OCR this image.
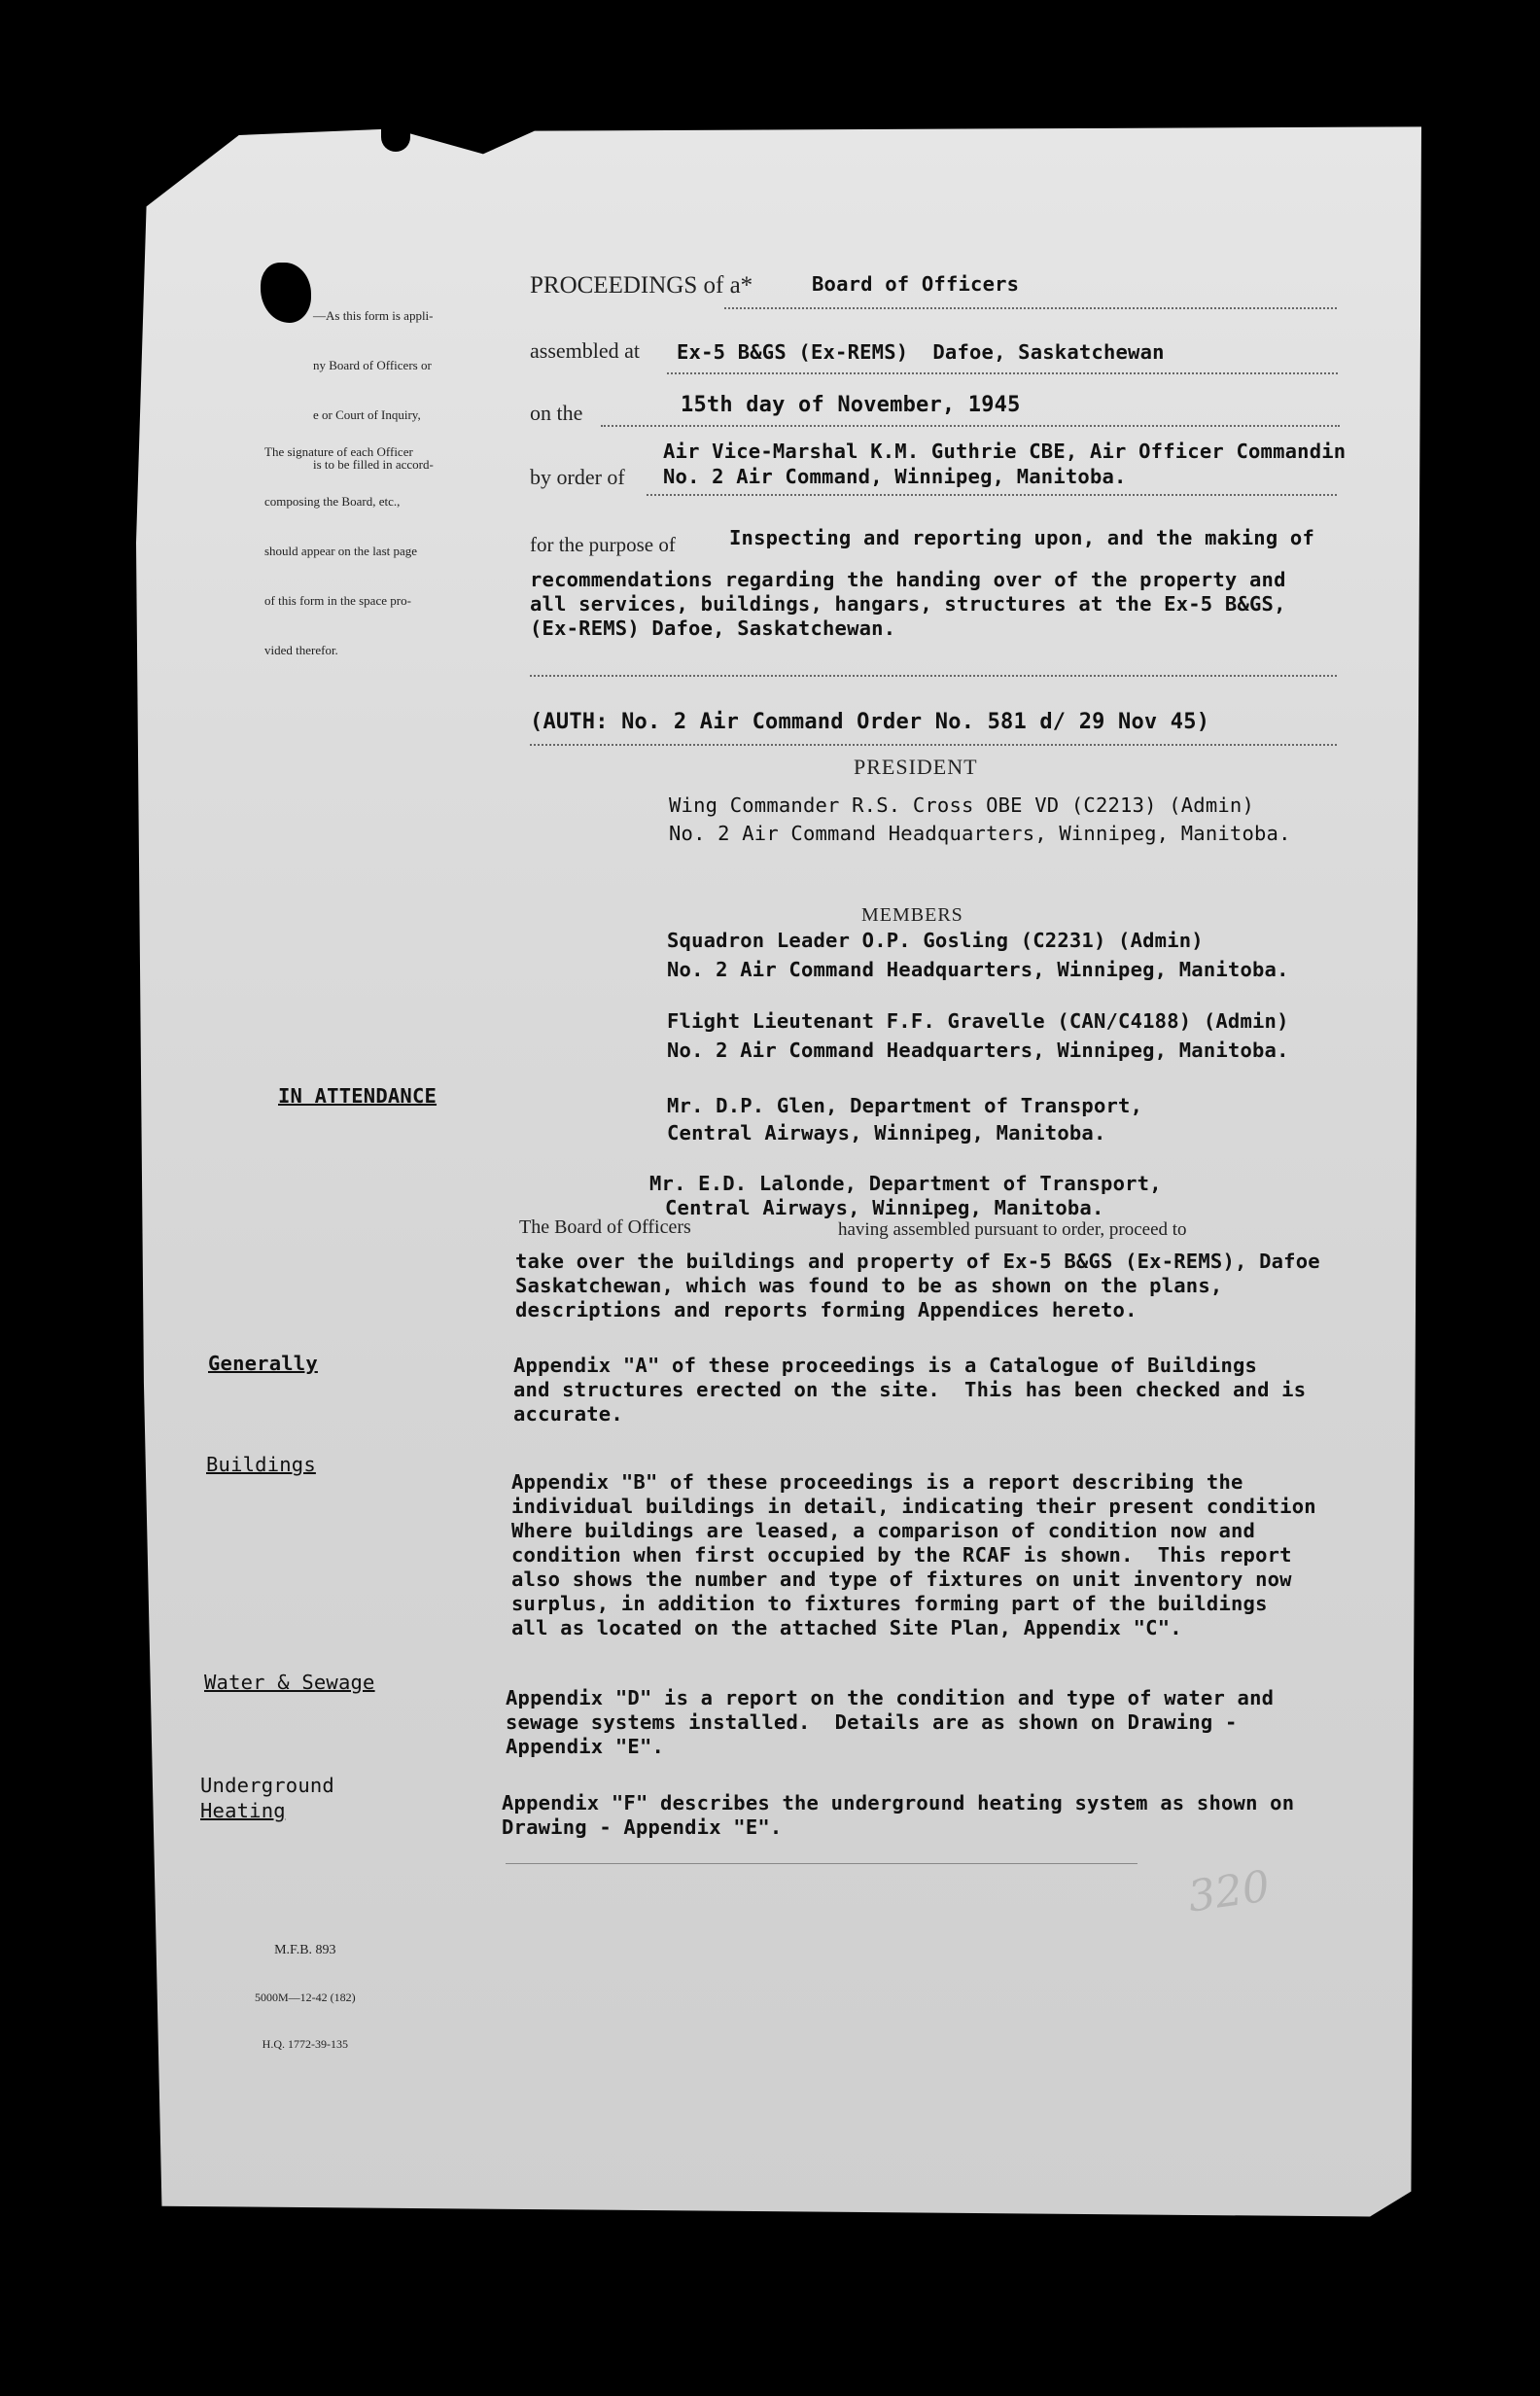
—As this form is appli-

ny Board of Officers or

e or Court of Inquiry,

is to be filled in accord-

The signature of each Officer

composing the Board, etc.,

should appear on the last page

of this form in the space pro-

vided therefor.

PROCEEDINGS of a*	Board of Officers
assembled at Ex-5 B&GS (Ex-REMS)  Dafoe, Saskatchewan
on the	15th day of November, 1945
Air Vice-Marshal K.M. Guthrie CBE, Air Officer Commandin
by order of No. 2 Air Command, Winnipeg, Manitoba.
for the purpose of	Inspecting and reporting upon, and the making of
recommendations regarding the handing over of the property and
all services, buildings, hangars, structures at the Ex-5 B&GS,
(Ex-REMS) Dafoe, Saskatchewan.
(AUTH: No. 2 Air Command Order No. 581 d/ 29 Nov 45)
PRESIDENT
Wing Commander R.S. Cross OBE VD (C2213) (Admin)
No. 2 Air Command Headquarters, Winnipeg, Manitoba.
MEMBERS
Squadron Leader O.P. Gosling (C2231) (Admin)
No. 2 Air Command Headquarters, Winnipeg, Manitoba.
Flight Lieutenant F.F. Gravelle (CAN/C4188) (Admin)
No. 2 Air Command Headquarters, Winnipeg, Manitoba.
IN ATTENDANCE	Mr. D.P. Glen, Department of Transport,
Central Airways, Winnipeg, Manitoba.
Mr. E.D. Lalonde, Department of Transport,
Central Airways, Winnipeg, Manitoba.
The Board of Officers	having assembled pursuant to order, proceed to
take over the buildings and property of Ex-5 B&GS (Ex-REMS), Dafoe
Saskatchewan, which was found to be as shown on the plans,
descriptions and reports forming Appendices hereto.
Generally	Appendix "A" of these proceedings is a Catalogue of Buildings
and structures erected on the site.  This has been checked and is
accurate.
Buildings
Appendix "B" of these proceedings is a report describing the
individual buildings in detail, indicating their present condition
Where buildings are leased, a comparison of condition now and
condition when first occupied by the RCAF is shown.  This report
also shows the number and type of fixtures on unit inventory now
surplus, in addition to fixtures forming part of the buildings
all as located on the attached Site Plan, Appendix "C".
Water & Sewage
Appendix "D" is a report on the condition and type of water and
sewage systems installed.  Details are as shown on Drawing -
Appendix "E".
Underground
Heating	Appendix "F" describes the underground heating system as shown on
Drawing - Appendix "E".

M.F.B. 893

5000M—12-42 (182)

H.Q. 1772-39-135

320
